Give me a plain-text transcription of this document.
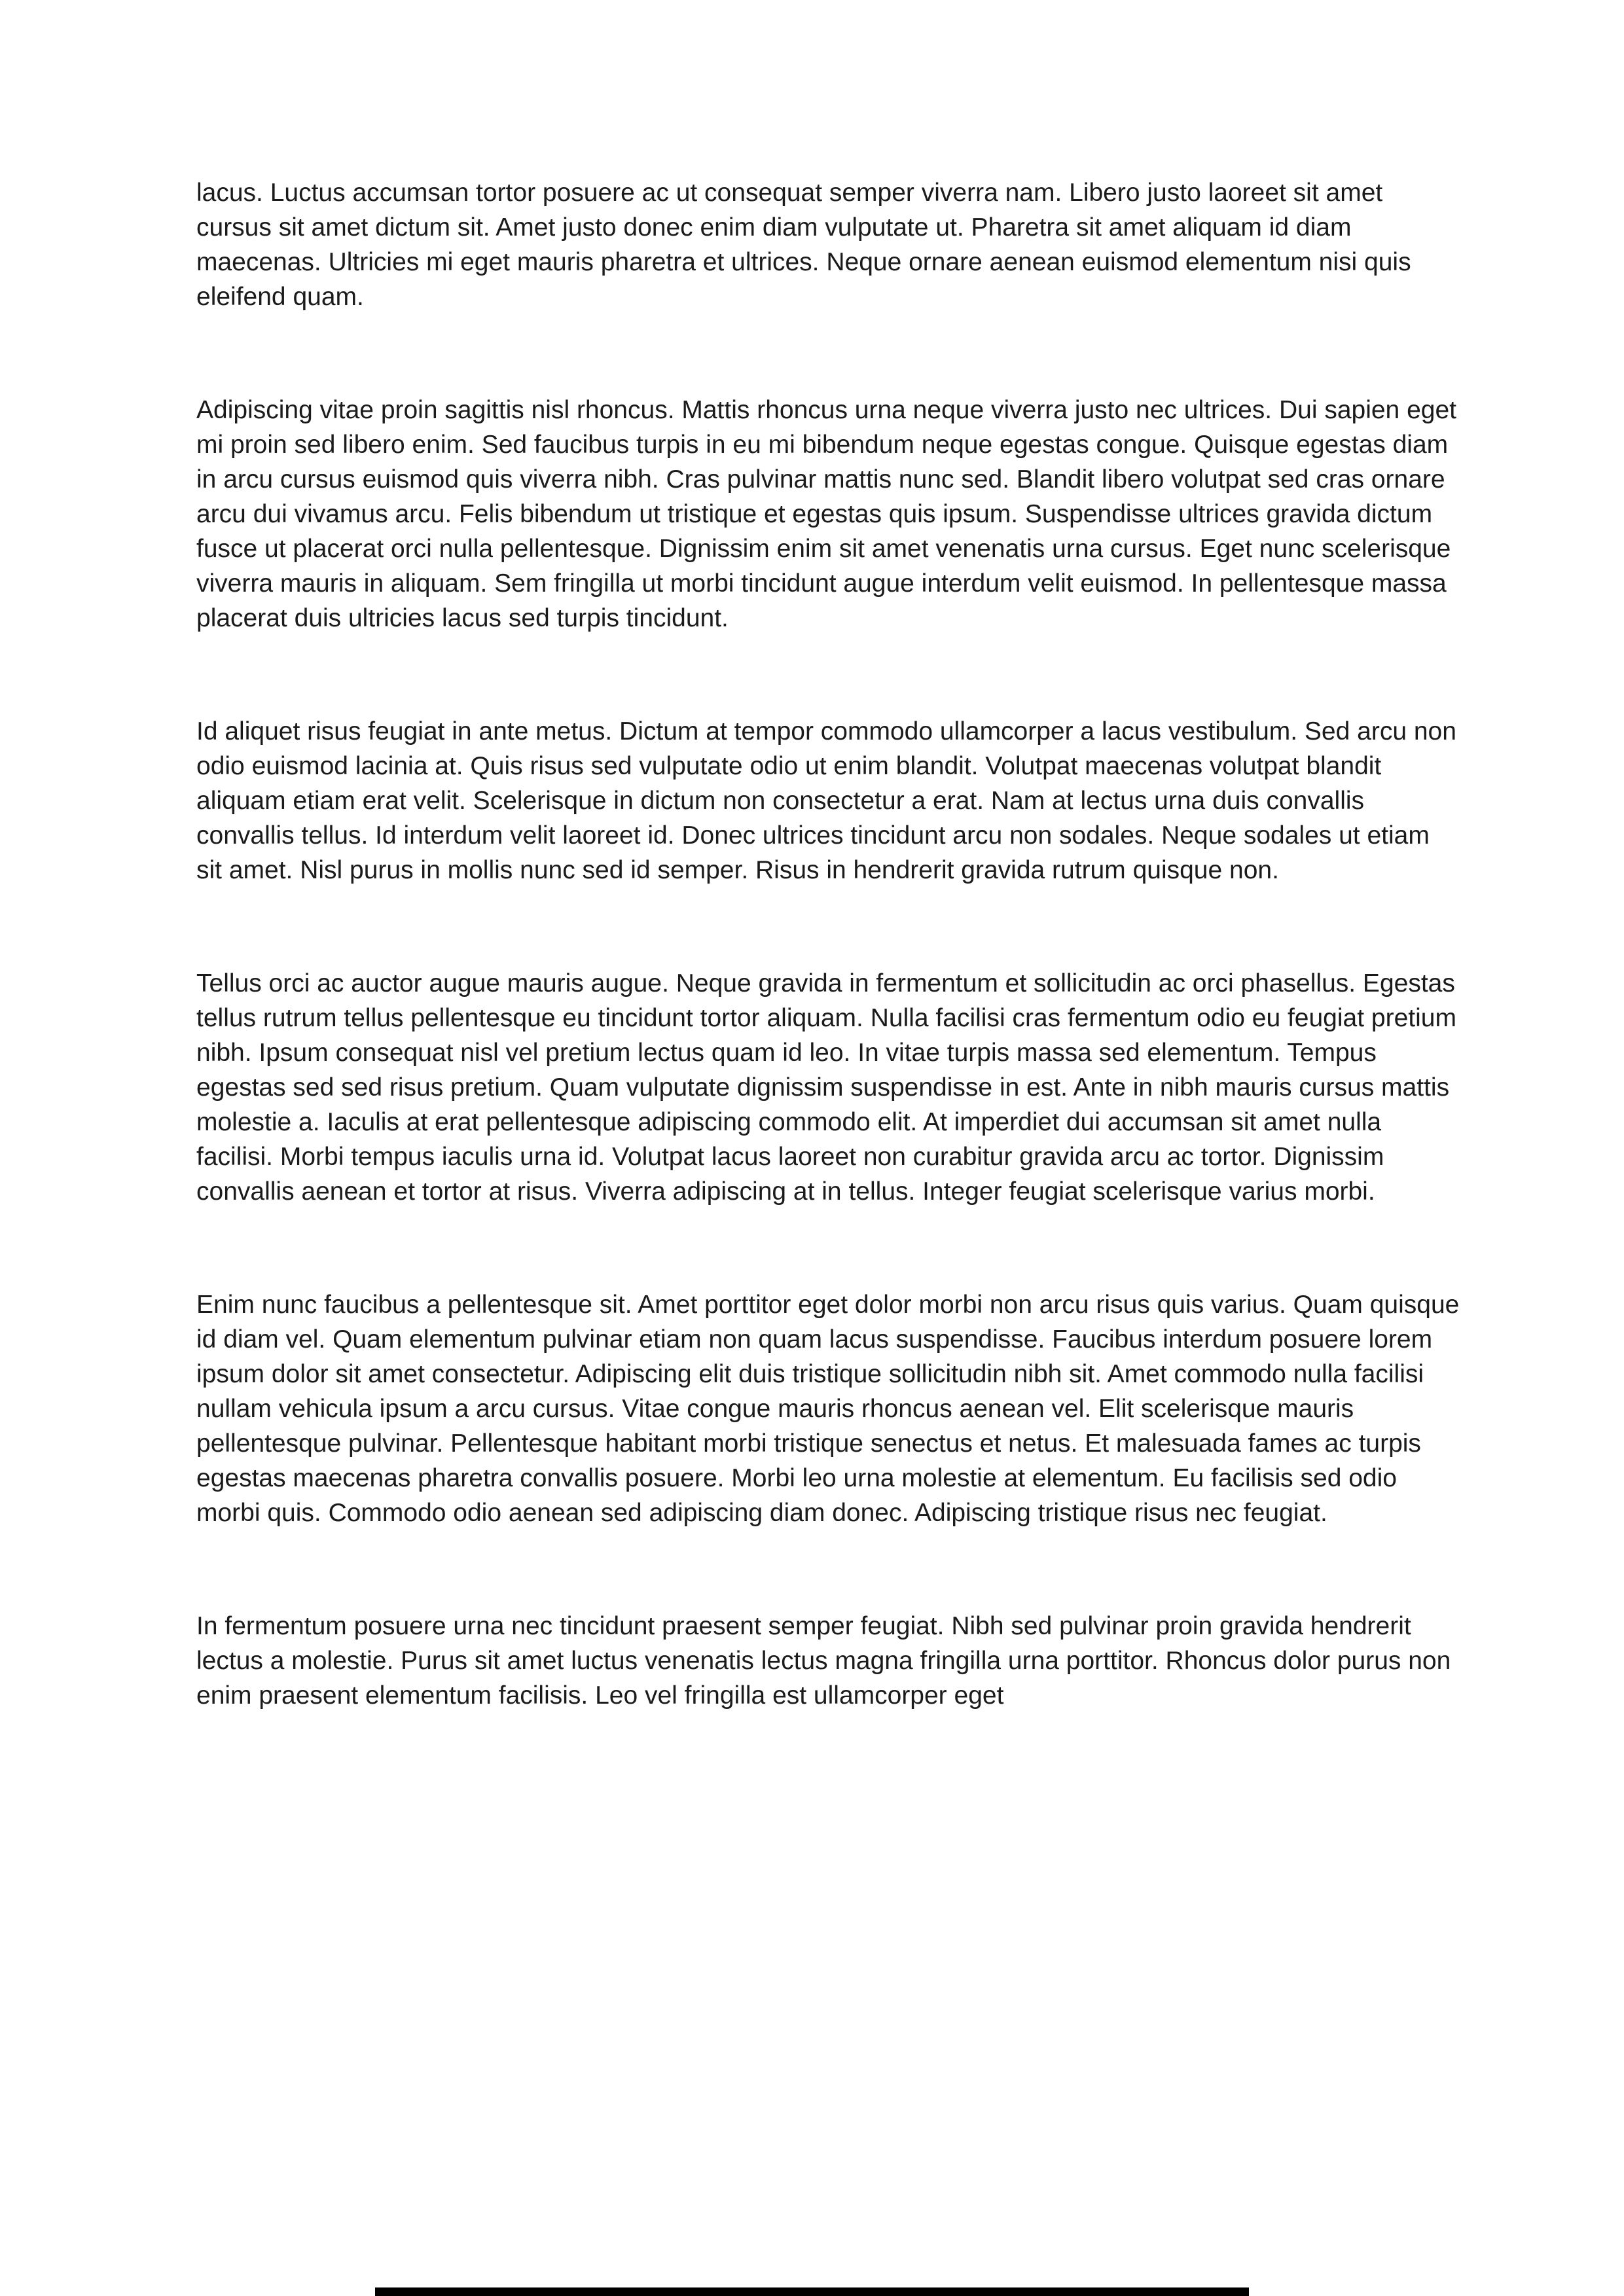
lacus. Luctus accumsan tortor posuere ac ut consequat semper viverra nam. Libero justo laoreet sit amet cursus sit amet dictum sit. Amet justo donec enim diam vulputate ut. Pharetra sit amet aliquam id diam maecenas. Ultricies mi eget mauris pharetra et ultrices. Neque ornare aenean euismod elementum nisi quis eleifend quam.

Adipiscing vitae proin sagittis nisl rhoncus. Mattis rhoncus urna neque viverra justo nec ultrices. Dui sapien eget mi proin sed libero enim. Sed faucibus turpis in eu mi bibendum neque egestas congue. Quisque egestas diam in arcu cursus euismod quis viverra nibh. Cras pulvinar mattis nunc sed. Blandit libero volutpat sed cras ornare arcu dui vivamus arcu. Felis bibendum ut tristique et egestas quis ipsum. Suspendisse ultrices gravida dictum fusce ut placerat orci nulla pellentesque. Dignissim enim sit amet venenatis urna cursus. Eget nunc scelerisque viverra mauris in aliquam. Sem fringilla ut morbi tincidunt augue interdum velit euismod. In pellentesque massa placerat duis ultricies lacus sed turpis tincidunt.

Id aliquet risus feugiat in ante metus. Dictum at tempor commodo ullamcorper a lacus vestibulum. Sed arcu non odio euismod lacinia at. Quis risus sed vulputate odio ut enim blandit. Volutpat maecenas volutpat blandit aliquam etiam erat velit. Scelerisque in dictum non consectetur a erat. Nam at lectus urna duis convallis convallis tellus. Id interdum velit laoreet id. Donec ultrices tincidunt arcu non sodales. Neque sodales ut etiam sit amet. Nisl purus in mollis nunc sed id semper. Risus in hendrerit gravida rutrum quisque non.

Tellus orci ac auctor augue mauris augue. Neque gravida in fermentum et sollicitudin ac orci phasellus. Egestas tellus rutrum tellus pellentesque eu tincidunt tortor aliquam. Nulla facilisi cras fermentum odio eu feugiat pretium nibh. Ipsum consequat nisl vel pretium lectus quam id leo. In vitae turpis massa sed elementum. Tempus egestas sed sed risus pretium. Quam vulputate dignissim suspendisse in est. Ante in nibh mauris cursus mattis molestie a. Iaculis at erat pellentesque adipiscing commodo elit. At imperdiet dui accumsan sit amet nulla facilisi. Morbi tempus iaculis urna id. Volutpat lacus laoreet non curabitur gravida arcu ac tortor. Dignissim convallis aenean et tortor at risus. Viverra adipiscing at in tellus. Integer feugiat scelerisque varius morbi.

Enim nunc faucibus a pellentesque sit. Amet porttitor eget dolor morbi non arcu risus quis varius. Quam quisque id diam vel. Quam elementum pulvinar etiam non quam lacus suspendisse. Faucibus interdum posuere lorem ipsum dolor sit amet consectetur. Adipiscing elit duis tristique sollicitudin nibh sit. Amet commodo nulla facilisi nullam vehicula ipsum a arcu cursus. Vitae congue mauris rhoncus aenean vel. Elit scelerisque mauris pellentesque pulvinar. Pellentesque habitant morbi tristique senectus et netus. Et malesuada fames ac turpis egestas maecenas pharetra convallis posuere. Morbi leo urna molestie at elementum. Eu facilisis sed odio morbi quis. Commodo odio aenean sed adipiscing diam donec. Adipiscing tristique risus nec feugiat.

In fermentum posuere urna nec tincidunt praesent semper feugiat. Nibh sed pulvinar proin gravida hendrerit lectus a molestie. Purus sit amet luctus venenatis lectus magna fringilla urna porttitor. Rhoncus dolor purus non enim praesent elementum facilisis. Leo vel fringilla est ullamcorper eget
